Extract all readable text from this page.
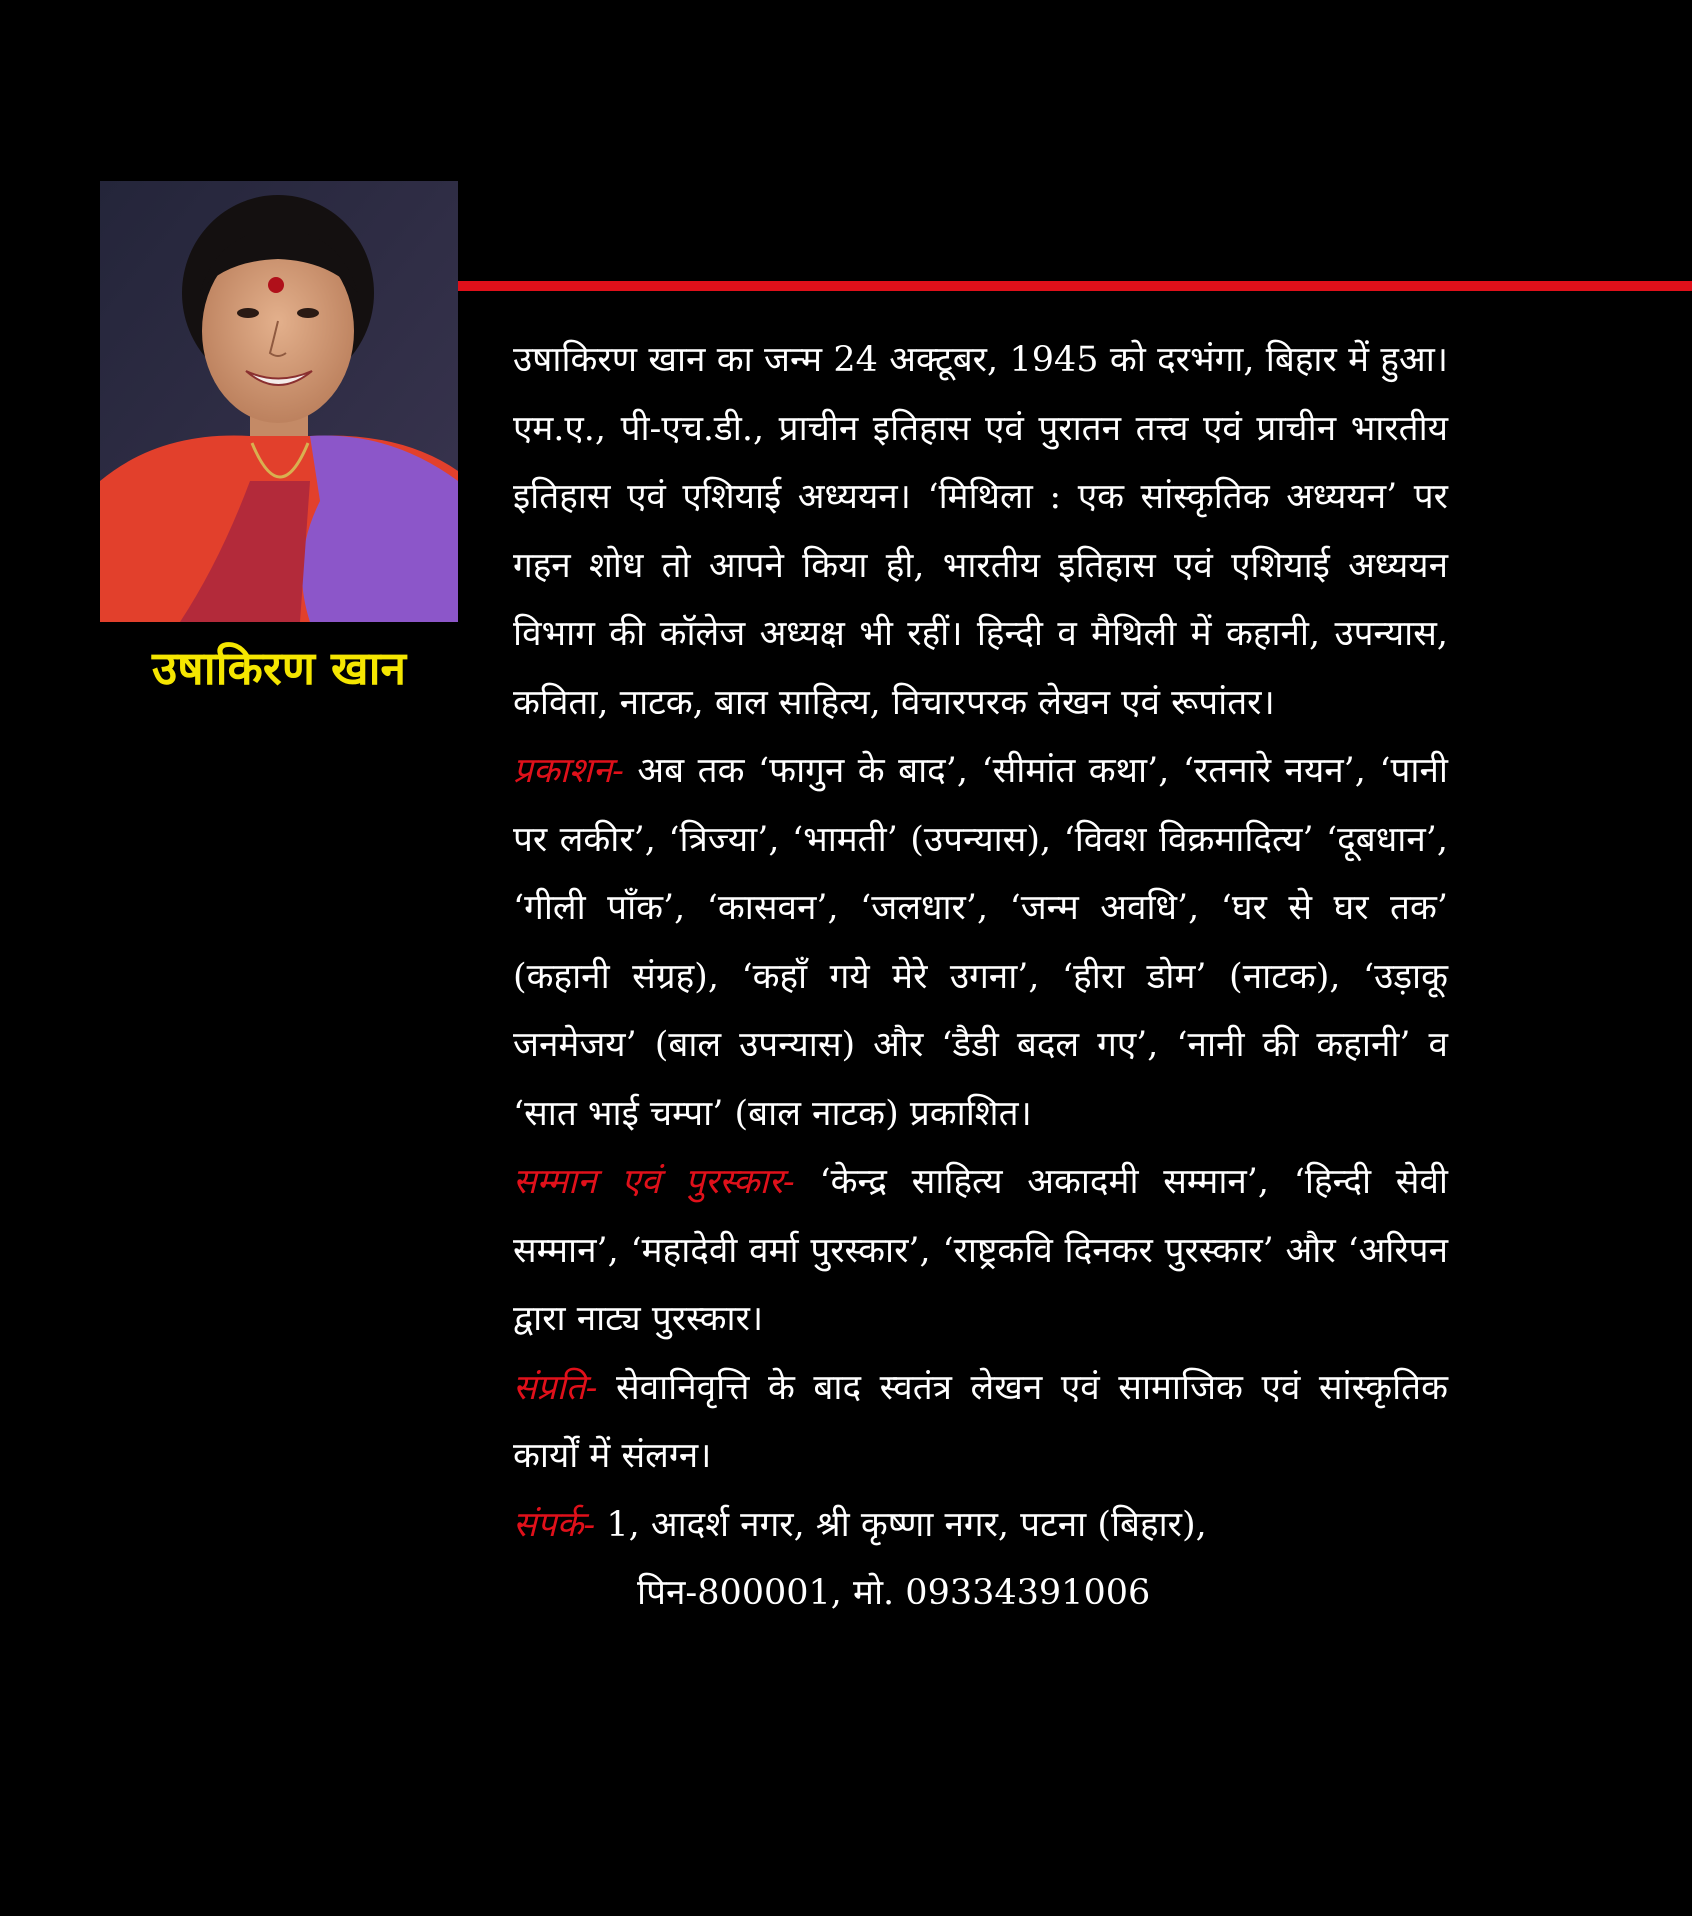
उषाकिरण खान

उषाकिरण खान का जन्म 24 अक्टूबर, 1945 को दरभंगा, बिहार में हुआ। एम.ए., पी-एच.डी., प्राचीन इतिहास एवं पुरातन तत्त्व एवं प्राचीन भारतीय इतिहास एवं एशियाई अध्ययन। ‘मिथिला : एक सांस्कृतिक अध्ययन’ पर गहन शोध तो आपने किया ही, भारतीय इतिहास एवं एशियाई अध्ययन विभाग की कॉलेज अध्यक्ष भी रहीं। हिन्दी व मैथिली में कहानी, उपन्यास, कविता, नाटक, बाल साहित्य, विचारपरक लेखन एवं रूपांतर।

प्रकाशन- अब तक ‘फागुन के बाद’, ‘सीमांत कथा’, ‘रतनारे नयन’, ‘पानी पर लकीर’, ‘त्रिज्या’, ‘भामती’ (उपन्यास), ‘विवश विक्रमादित्य’ ‘दूबधान’, ‘गीली पाँक’, ‘कासवन’, ‘जलधार’, ‘जन्म अवधि’, ‘घर से घर तक’ (कहानी संग्रह), ‘कहाँ गये मेरे उगना’, ‘हीरा डोम’ (नाटक), ‘उड़ाकू जनमेजय’ (बाल उपन्यास) और ‘डैडी बदल गए’, ‘नानी की कहानी’ व ‘सात भाई चम्पा’ (बाल नाटक) प्रकाशित।

सम्मान एवं पुरस्कार- ‘केन्द्र साहित्य अकादमी सम्मान’, ‘हिन्दी सेवी सम्मान’, ‘महादेवी वर्मा पुरस्कार’, ‘राष्ट्रकवि दिनकर पुरस्कार’ और ‘अरिपन द्वारा नाट्य पुरस्कार।

संप्रति- सेवानिवृत्ति के बाद स्वतंत्र लेखन एवं सामाजिक एवं सांस्कृतिक कार्यों में संलग्न।

संपर्क- 1, आदर्श नगर, श्री कृष्णा नगर, पटना (बिहार),

पिन-800001, मो. 09334391006
